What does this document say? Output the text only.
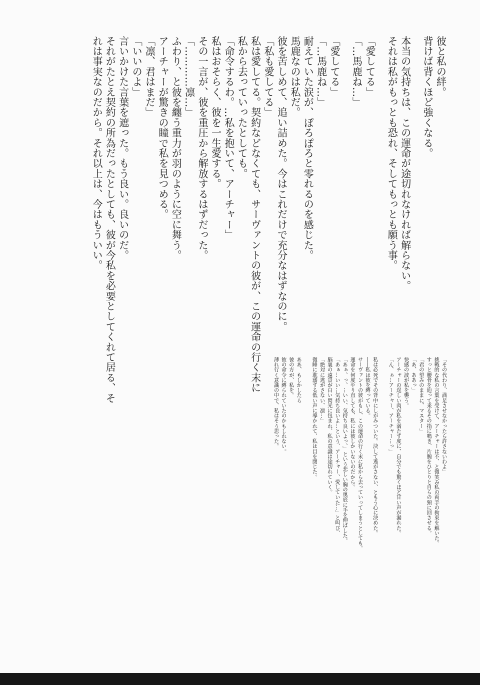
彼と私の絆。
背けば背くほど強くなる。
本当の気持ちは、この運命が途切れなければ解らない。
それは私がもっとも恐れ、そしてもっとも願う事。
「愛してる」
「…馬鹿ね…」
「愛してる」
「…馬鹿ね…」
耐えていた涙が、ぽろぽろと零れるのを感じた。
馬鹿なのは私だ。
彼を苦しめて、追い詰めた。今はこれだけで充分なはずなのに。
「私も愛してる」
私は愛してる。契約などなくても、サーヴァントの彼が、この運命の行く末に
私から去っていったとしても。
「命令するわ。…私を抱いて、アーチャー」
私はおそらく、彼を一生愛する。
その一言が、彼を重圧から解放するはずだった。
「…………凛…」
ふわり、と彼を纏う重力が羽のように空に舞う。
アーチャーが驚きの瞳で私を見つめる。
「凛、君はまだ」
「いいのよ」
言いかけた言葉を遮った。もう良い。良いのだ。
それがたとえ契約の所為だったとしても、彼が今私を必要としてくれて居る、そ
れは事実なのだから。それ以上は、今はもういい。
「その代わり、満足させなかったら許さないわよ」
挑戦的な私の言葉を受けて、アーチャーは不、と微笑み私の両手の拘束を解いた。
すっと腰骨を辿って来るその指に鳴き、片腕をひとりと自らの頸に回させる。
「君の望みのままに、マスター」
「あ、ああっ」
快感の波が私を襲う。
アーチャーの逞しい肉が私を満たす度に、自分でも驚くほど甘い声が漏れた。
「ん、ぁ…アーチャー、アーチャー…っ」
私は必死でその背中にしがみついた。決して逃がさない、ともう心に決めた。
――私は彼を縛っている。
サーヴァントの彼がもし、この運命の行く末に私から去っていってしまうとしても。
運命を何度やり直しても、私には彼しかいないのだから。
「あぁ、っ、…いい、気持ち良いよっ、」という悲しい胸の奥底に手を伸ばした。
「あぁ…いい…気持ち良いよ…という、アーチャー、愛していた…」と叫び、
脳裏の遠景が白い閃光に包まれ、私の意識は途切れていく。
「絶対に逃がさない、凛…」
微睡に耽溺する低い声に導かれて、私は目を閉じた。
ああ、もしかしたら
彼の方が、私を。
彼の命令に縛られていたのかもしれない。
薄れ行く意識の中で、私はそう思った。
